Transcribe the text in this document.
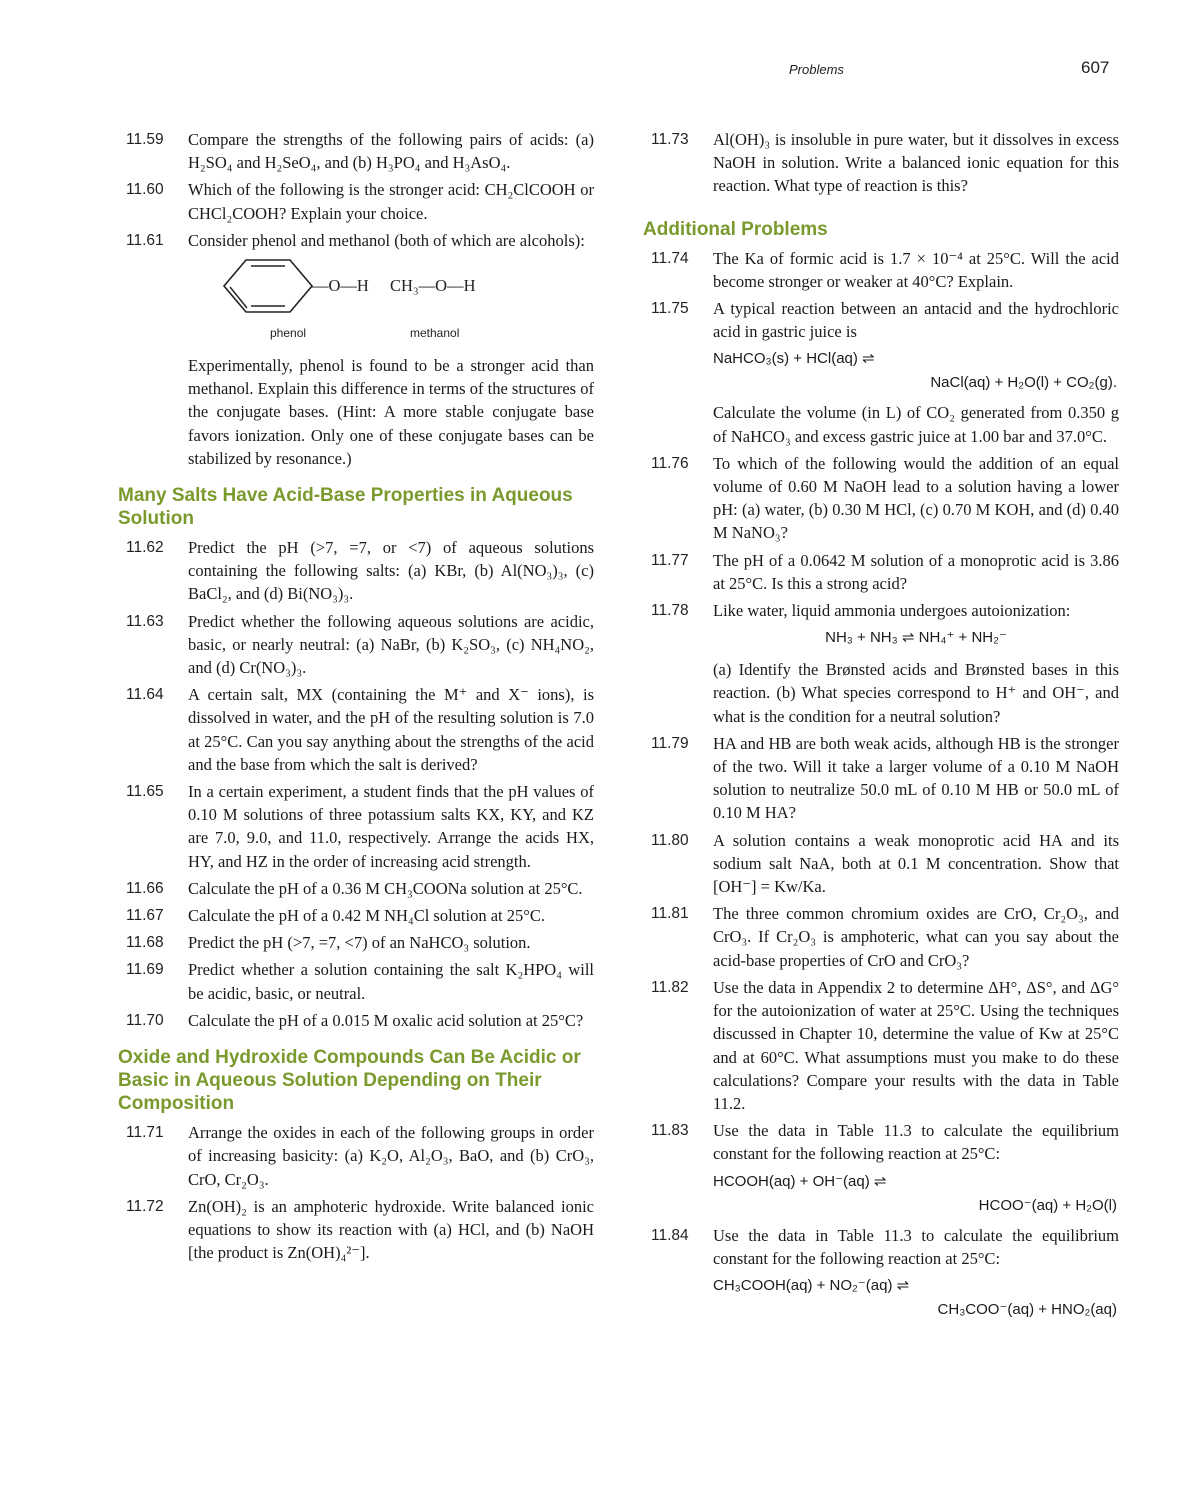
Problems	607
11.59 Compare the strengths of the following pairs of acids: (a) H₂SO₄ and H₂SeO₄, and (b) H₃PO₄ and H₃AsO₄.
11.60 Which of the following is the stronger acid: CH₂ClCOOH or CHCl₂COOH? Explain your choice.
11.61 Consider phenol and methanol (both of which are alcohols):
—O—H CH₃—O—H
phenol	methanol
Experimentally, phenol is found to be a stronger acid than methanol. Explain this difference in terms of the structures of the conjugate bases. (Hint: A more stable conjugate base favors ionization. Only one of these conjugate bases can be stabilized by resonance.)
Many Salts Have Acid-Base Properties in Aqueous Solution
11.62 Predict the pH (>7, =7, or <7) of aqueous solutions containing the following salts: (a) KBr, (b) Al(NO₃)₃, (c) BaCl₂, and (d) Bi(NO₃)₃.
11.63 Predict whether the following aqueous solutions are acidic, basic, or nearly neutral: (a) NaBr, (b) K₂SO₃, (c) NH₄NO₂, and (d) Cr(NO₃)₃.
11.64 A certain salt, MX (containing the M⁺ and X⁻ ions), is dissolved in water, and the pH of the resulting solution is 7.0 at 25°C. Can you say anything about the strengths of the acid and the base from which the salt is derived?
11.65 In a certain experiment, a student finds that the pH values of 0.10 M solutions of three potassium salts KX, KY, and KZ are 7.0, 9.0, and 11.0, respectively. Arrange the acids HX, HY, and HZ in the order of increasing acid strength.
11.66 Calculate the pH of a 0.36 M CH₃COONa solution at 25°C.
11.67 Calculate the pH of a 0.42 M NH₄Cl solution at 25°C.
11.68 Predict the pH (>7, =7, <7) of an NaHCO₃ solution.
11.69 Predict whether a solution containing the salt K₂HPO₄ will be acidic, basic, or neutral.
11.70 Calculate the pH of a 0.015 M oxalic acid solution at 25°C?
Oxide and Hydroxide Compounds Can Be Acidic or Basic in Aqueous Solution Depending on Their Composition
11.71 Arrange the oxides in each of the following groups in order of increasing basicity: (a) K₂O, Al₂O₃, BaO, and (b) CrO₃, CrO, Cr₂O₃.
11.72 Zn(OH)₂ is an amphoteric hydroxide. Write balanced ionic equations to show its reaction with (a) HCl, and (b) NaOH [the product is Zn(OH)₄²⁻].
11.73 Al(OH)₃ is insoluble in pure water, but it dissolves in excess NaOH in solution. Write a balanced ionic equation for this reaction. What type of reaction is this?
Additional Problems
11.74 The Ka of formic acid is 1.7 × 10⁻⁴ at 25°C. Will the acid become stronger or weaker at 40°C? Explain.
11.75 A typical reaction between an antacid and the hydrochloric acid in gastric juice is
NaHCO₃(s) + HCl(aq) ⇌
NaCl(aq) + H₂O(l) + CO₂(g).
Calculate the volume (in L) of CO₂ generated from 0.350 g of NaHCO₃ and excess gastric juice at 1.00 bar and 37.0°C.
11.76 To which of the following would the addition of an equal volume of 0.60 M NaOH lead to a solution having a lower pH: (a) water, (b) 0.30 M HCl, (c) 0.70 M KOH, and (d) 0.40 M NaNO₃?
11.77 The pH of a 0.0642 M solution of a monoprotic acid is 3.86 at 25°C. Is this a strong acid?
11.78 Like water, liquid ammonia undergoes autoionization:
NH₃ + NH₃ ⇌ NH₄⁺ + NH₂⁻
(a) Identify the Brønsted acids and Brønsted bases in this reaction. (b) What species correspond to H⁺ and OH⁻, and what is the condition for a neutral solution?
11.79 HA and HB are both weak acids, although HB is the stronger of the two. Will it take a larger volume of a 0.10 M NaOH solution to neutralize 50.0 mL of 0.10 M HB or 50.0 mL of 0.10 M HA?
11.80 A solution contains a weak monoprotic acid HA and its sodium salt NaA, both at 0.1 M concentration. Show that [OH⁻] = Kw/Ka.
11.81 The three common chromium oxides are CrO, Cr₂O₃, and CrO₃. If Cr₂O₃ is amphoteric, what can you say about the acid-base properties of CrO and CrO₃?
11.82 Use the data in Appendix 2 to determine ΔH°, ΔS°, and ΔG° for the autoionization of water at 25°C. Using the techniques discussed in Chapter 10, determine the value of Kw at 25°C and at 60°C. What assumptions must you make to do these calculations? Compare your results with the data in Table 11.2.
11.83 Use the data in Table 11.3 to calculate the equilibrium constant for the following reaction at 25°C:
HCOOH(aq) + OH⁻(aq) ⇌
HCOO⁻(aq) + H₂O(l)
11.84 Use the data in Table 11.3 to calculate the equilibrium constant for the following reaction at 25°C:
CH₃COOH(aq) + NO₂⁻(aq) ⇌
CH₃COO⁻(aq) + HNO₂(aq)
